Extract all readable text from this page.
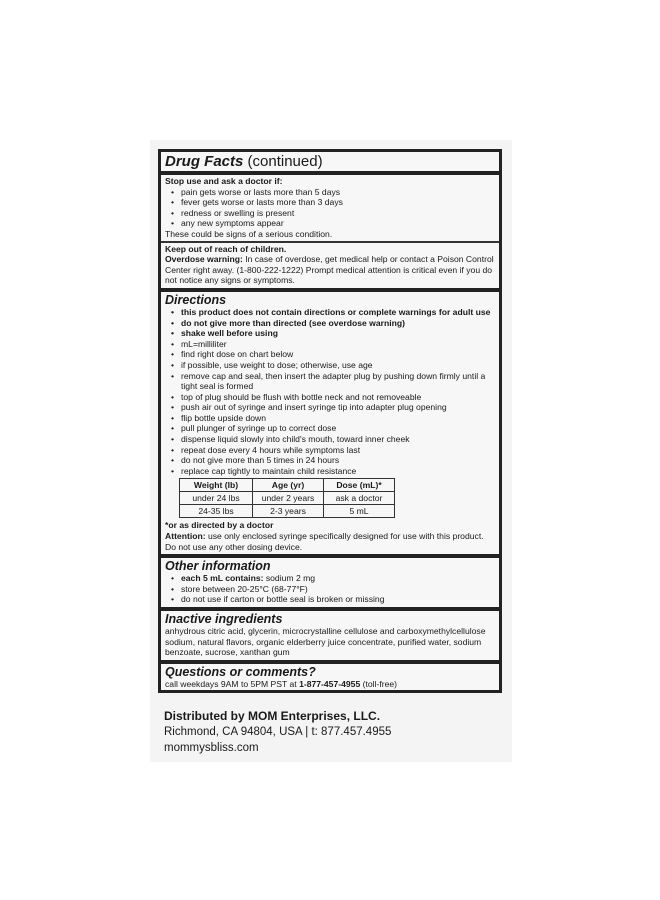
Drug Facts (continued)
Stop use and ask a doctor if:
• pain gets worse or lasts more than 5 days
• fever gets worse or lasts more than 3 days
• redness or swelling is present
• any new symptoms appear
These could be signs of a serious condition.
Keep out of reach of children.
Overdose warning: In case of overdose, get medical help or contact a Poison Control Center right away. (1-800-222-1222) Prompt medical attention is critical even if you do not notice any signs or symptoms.
Directions
• this product does not contain directions or complete warnings for adult use
• do not give more than directed (see overdose warning)
• shake well before using
• mL=milliliter
• find right dose on chart below
• if possible, use weight to dose; otherwise, use age
• remove cap and seal, then insert the adapter plug by pushing down firmly until a tight seal is formed
• top of plug should be flush with bottle neck and not removeable
• push air out of syringe and insert syringe tip into adapter plug opening
• flip bottle upside down
• pull plunger of syringe up to correct dose
• dispense liquid slowly into child's mouth, toward inner cheek
• repeat dose every 4 hours while symptoms last
• do not give more than 5 times in 24 hours
• replace cap tightly to maintain child resistance
Weight (lb)	Age (yr)	Dose (mL)*
under 24 lbs	under 2 years	ask a doctor
24-35 lbs	2-3 years	5 mL
*or as directed by a doctor
Attention: use only enclosed syringe specifically designed for use with this product. Do not use any other dosing device.
Other information
• each 5 mL contains: sodium 2 mg
• store between 20-25°C (68-77°F)
• do not use if carton or bottle seal is broken or missing
Inactive ingredients
anhydrous citric acid, glycerin, microcrystalline cellulose and carboxymethylcellulose sodium, natural flavors, organic elderberry juice concentrate, purified water, sodium benzoate, sucrose, xanthan gum
Questions or comments?
call weekdays 9AM to 5PM PST at 1-877-457-4955 (toll-free)
Distributed by MOM Enterprises, LLC.
Richmond, CA 94804, USA | t: 877.457.4955
mommysbliss.com
